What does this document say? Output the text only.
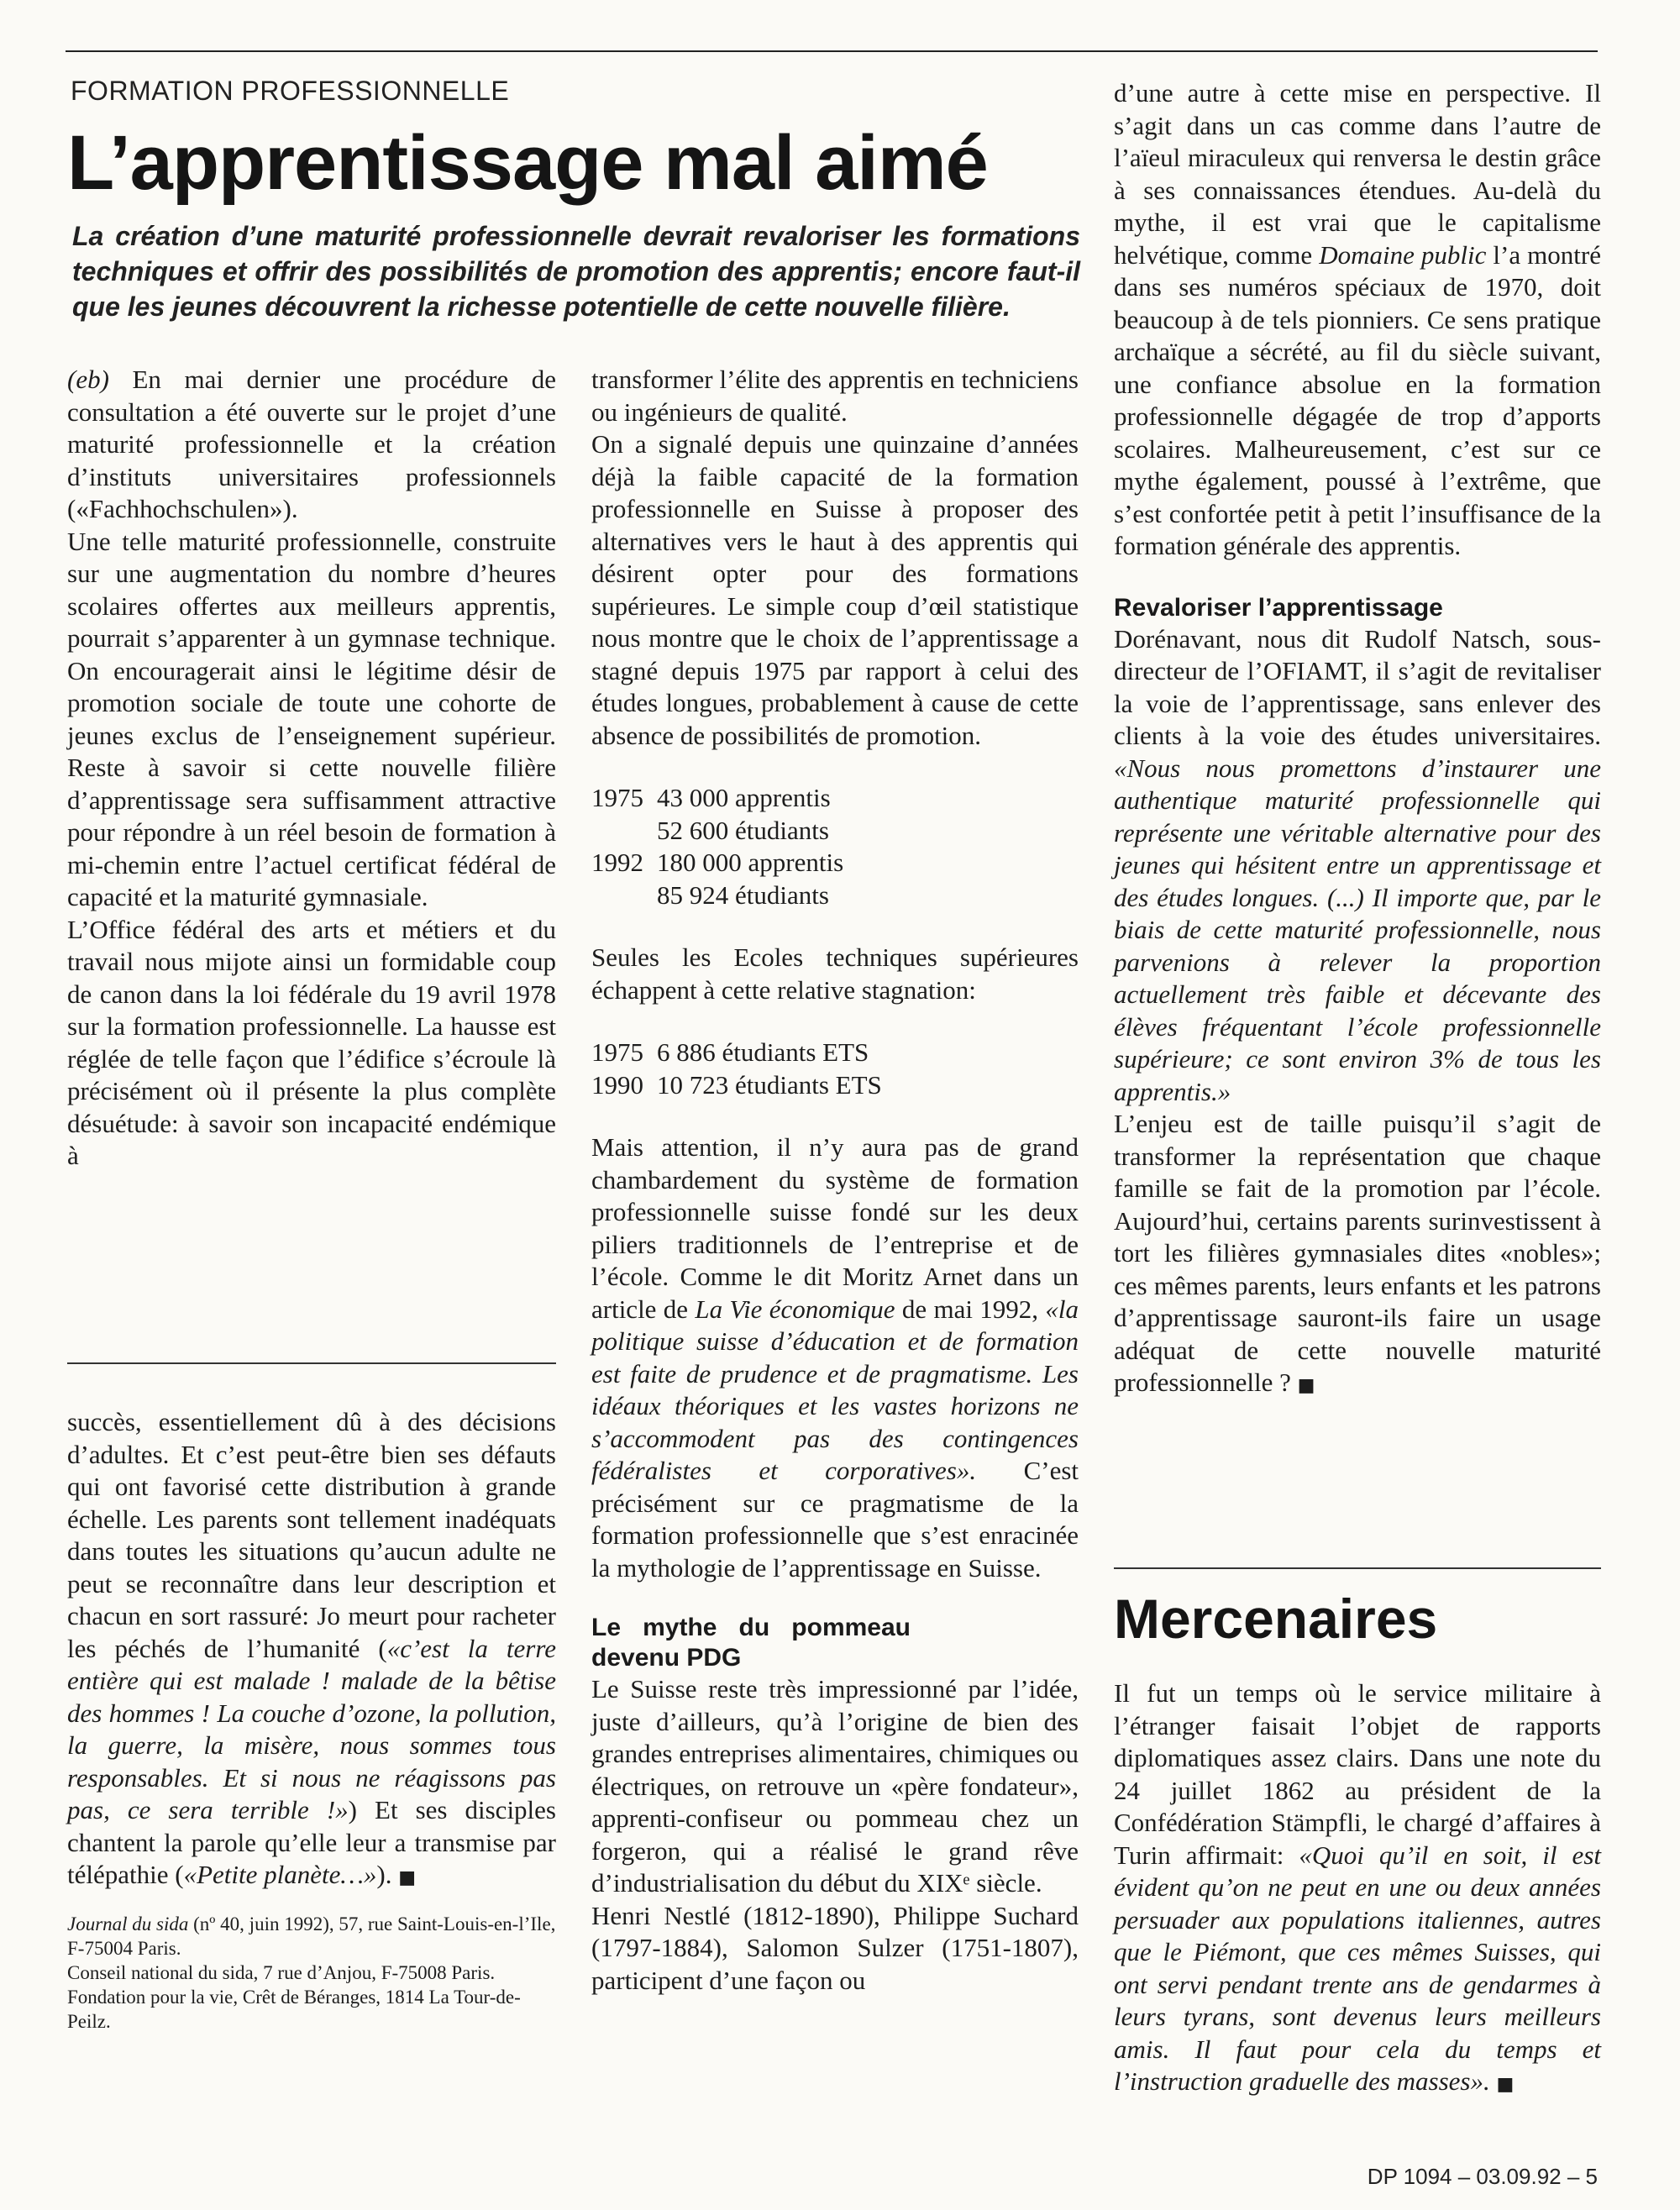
FORMATION PROFESSIONNELLE
L’apprentissage mal aimé

La création d’une maturité professionnelle devrait revaloriser les formations techniques et offrir des possibilités de promotion des apprentis; encore faut-il que les jeunes découvrent la richesse potentielle de cette nouvelle filière.

(eb) En mai dernier une procédure de consultation a été ouverte sur le projet d’une maturité professionnelle et la création d’instituts universitaires professionnels («Fachhochschulen»).

Une telle maturité professionnelle, construite sur une augmentation du nombre d’heures scolaires offertes aux meilleurs apprentis, pourrait s’apparenter à un gymnase technique. On encouragerait ainsi le légitime désir de promotion sociale de toute une cohorte de jeunes exclus de l’enseignement supérieur. Reste à savoir si cette nouvelle filière d’apprentissage sera suffisamment attractive pour répondre à un réel besoin de formation à mi-chemin entre l’actuel certificat fédéral de capacité et la maturité gymnasiale.

L’Office fédéral des arts et métiers et du travail nous mijote ainsi un formidable coup de canon dans la loi fédérale du 19 avril 1978 sur la formation professionnelle. La hausse est réglée de telle façon que l’édifice s’écroule là précisément où il présente la plus complète désuétude: à savoir son incapacité endémique à

succès, essentiellement dû à des décisions d’adultes. Et c’est peut-être bien ses défauts qui ont favorisé cette distribution à grande échelle. Les parents sont tellement inadéquats dans toutes les situations qu’aucun adulte ne peut se reconnaître dans leur description et chacun en sort rassuré: Jo meurt pour racheter les péchés de l’humanité («c’est la terre entière qui est malade ! malade de la bêtise des hommes ! La couche d’ozone, la pollution, la guerre, la misère, nous sommes tous responsables. Et si nous ne réagissons pas pas, ce sera terrible !») Et ses disciples chantent la parole qu’elle leur a transmise par télépathie («Petite planète…»). ■

Journal du sida (nº 40, juin 1992), 57, rue Saint-Louis-en-l’Ile, F-75004 Paris.

Conseil national du sida, 7 rue d’Anjou, F-75008 Paris.

Fondation pour la vie, Crêt de Béranges, 1814 La Tour-de-Peilz.

transformer l’élite des apprentis en techniciens ou ingénieurs de qualité.

On a signalé depuis une quinzaine d’années déjà la faible capacité de la formation professionnelle en Suisse à proposer des alternatives vers le haut à des apprentis qui désirent opter pour des formations supérieures. Le simple coup d’œil statistique nous montre que le choix de l’apprentissage a stagné depuis 1975 par rapport à celui des études longues, probablement à cause de cette absence de possibilités de promotion.

1975 43 000 apprentis
52 600 étudiants
1992 180 000 apprentis
85 924 étudiants

Seules les Ecoles techniques supérieures échappent à cette relative stagnation:

1975 6 886 étudiants ETS
1990 10 723 étudiants ETS

Mais attention, il n’y aura pas de grand chambardement du système de formation professionnelle suisse fondé sur les deux piliers traditionnels de l’entreprise et de l’école. Comme le dit Moritz Arnet dans un article de La Vie économique de mai 1992, «la politique suisse d’éducation et de formation est faite de prudence et de pragmatisme. Les idéaux théoriques et les vastes horizons ne s’accommodent pas des contingences fédéralistes et corporatives». C’est précisément sur ce pragmatisme de la formation professionnelle que s’est enracinée la mythologie de l’apprentissage en Suisse.

Le mythe du pommeau devenu PDG

Le Suisse reste très impressionné par l’idée, juste d’ailleurs, qu’à l’origine de bien des grandes entreprises alimentaires, chimiques ou électriques, on retrouve un «père fondateur», apprenti-confiseur ou pommeau chez un forgeron, qui a réalisé le grand rêve d’industrialisation du début du XIXᵉ siècle.

Henri Nestlé (1812-1890), Philippe Suchard (1797-1884), Salomon Sulzer (1751-1807), participent d’une façon ou

d’une autre à cette mise en perspective. Il s’agit dans un cas comme dans l’autre de l’aïeul miraculeux qui renversa le destin grâce à ses connaissances étendues. Au-delà du mythe, il est vrai que le capitalisme helvétique, comme Domaine public l’a montré dans ses numéros spéciaux de 1970, doit beaucoup à de tels pionniers. Ce sens pratique archaïque a sécrété, au fil du siècle suivant, une confiance absolue en la formation professionnelle dégagée de trop d’apports scolaires. Malheureusement, c’est sur ce mythe également, poussé à l’extrême, que s’est confortée petit à petit l’insuffisance de la formation générale des apprentis.

Revaloriser l’apprentissage

Dorénavant, nous dit Rudolf Natsch, sous-directeur de l’OFIAMT, il s’agit de revitaliser la voie de l’apprentissage, sans enlever des clients à la voie des études universitaires. «Nous nous promettons d’instaurer une authentique maturité professionnelle qui représente une véritable alternative pour des jeunes qui hésitent entre un apprentissage et des études longues. (...) Il importe que, par le biais de cette maturité professionnelle, nous parvenions à relever la proportion actuellement très faible et décevante des élèves fréquentant l’école professionnelle supérieure; ce sont environ 3% de tous les apprentis.»

L’enjeu est de taille puisqu’il s’agit de transformer la représentation que chaque famille se fait de la promotion par l’école. Aujourd’hui, certains parents surinvestissent à tort les filières gymnasiales dites «nobles»; ces mêmes parents, leurs enfants et les patrons d’apprentissage sauront-ils faire un usage adéquat de cette nouvelle maturité professionnelle ? ■

Mercenaires

Il fut un temps où le service militaire à l’étranger faisait l’objet de rapports diplomatiques assez clairs. Dans une note du 24 juillet 1862 au président de la Confédération Stämpfli, le chargé d’affaires à Turin affirmait: «Quoi qu’il en soit, il est évident qu’on ne peut en une ou deux années persuader aux populations italiennes, autres que le Piémont, que ces mêmes Suisses, qui ont servi pendant trente ans de gendarmes à leurs tyrans, sont devenus leurs meilleurs amis. Il faut pour cela du temps et l’instruction graduelle des masses». ■

DP 1094 – 03.09.92 – 5
